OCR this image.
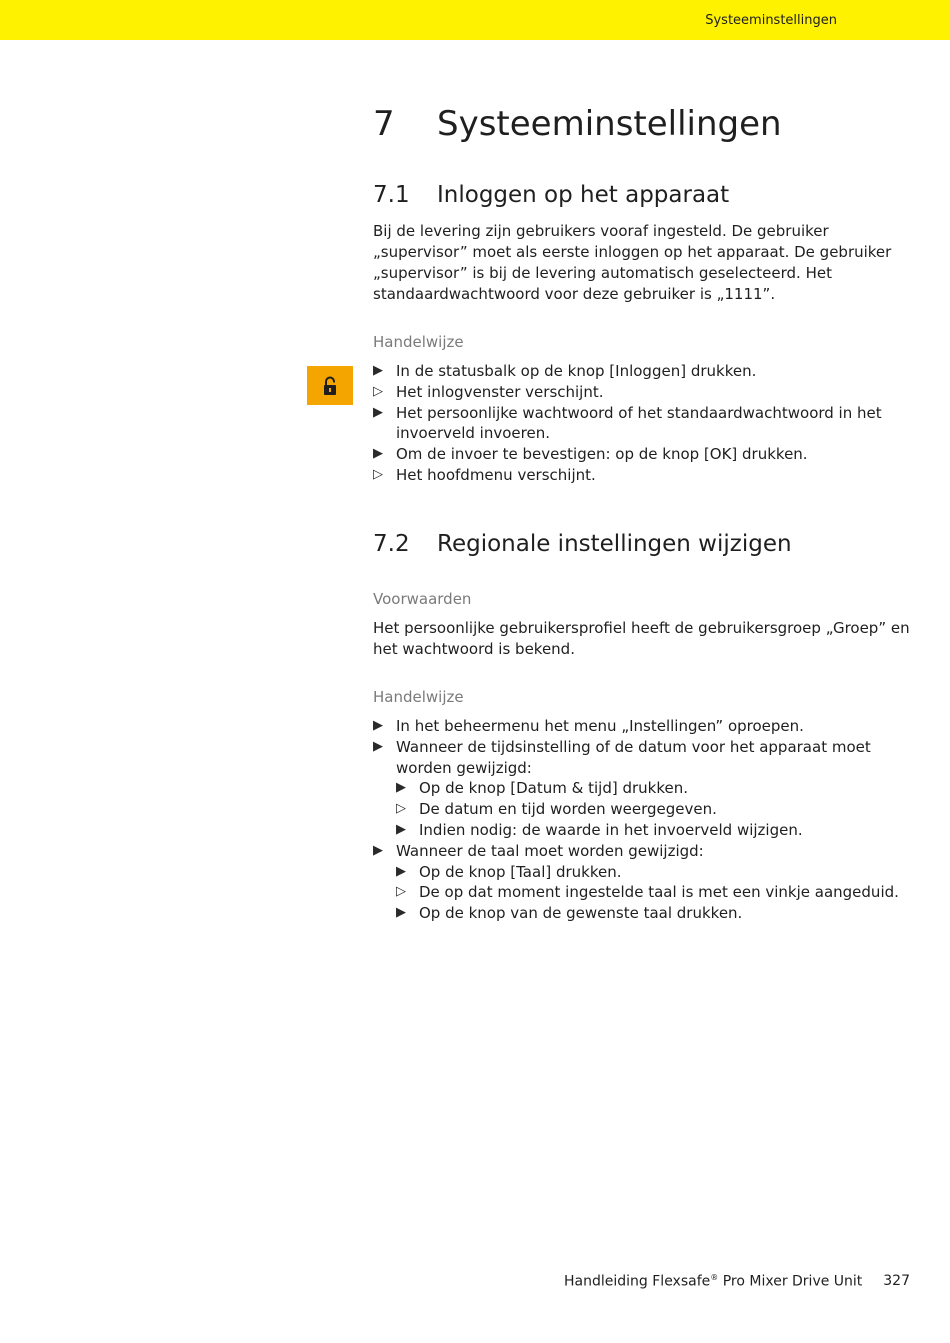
Systeeminstellingen
7 Systeeminstellingen
7.1 Inloggen op het apparaat

Bij de levering zijn gebruikers vooraf ingesteld. De gebruiker „supervisor” moet als eerste inloggen op het apparaat. De gebruiker „supervisor” is bij de levering automatisch geselecteerd. Het standaardwachtwoord voor deze gebruiker is „1111”.

Handelwijze

▶ In de statusbalk op de knop [Inloggen] drukken.
▷ Het inlogvenster verschijnt.
▶ Het persoonlijke wachtwoord of het standaardwachtwoord in het invoerveld invoeren.
▶ Om de invoer te bevestigen: op de knop [OK] drukken.
▷ Het hoofdmenu verschijnt.
7.2 Regionale instellingen wijzigen

Voorwaarden

Het persoonlijke gebruikersprofiel heeft de gebruikersgroep „Groep” en het wachtwoord is bekend.

Handelwijze

▶ In het beheermenu het menu „Instellingen” oproepen.
▶ Wanneer de tijdsinstelling of de datum voor het apparaat moet worden gewijzigd:
▶ Op de knop [Datum & tijd] drukken.
▷ De datum en tijd worden weergegeven.
▶ Indien nodig: de waarde in het invoerveld wijzigen.
▶ Wanneer de taal moet worden gewijzigd:
▶ Op de knop [Taal] drukken.
▷ De op dat moment ingestelde taal is met een vinkje aangeduid.
▶ Op de knop van de gewenste taal drukken.
Handleiding Flexsafe® Pro Mixer Drive Unit 327
